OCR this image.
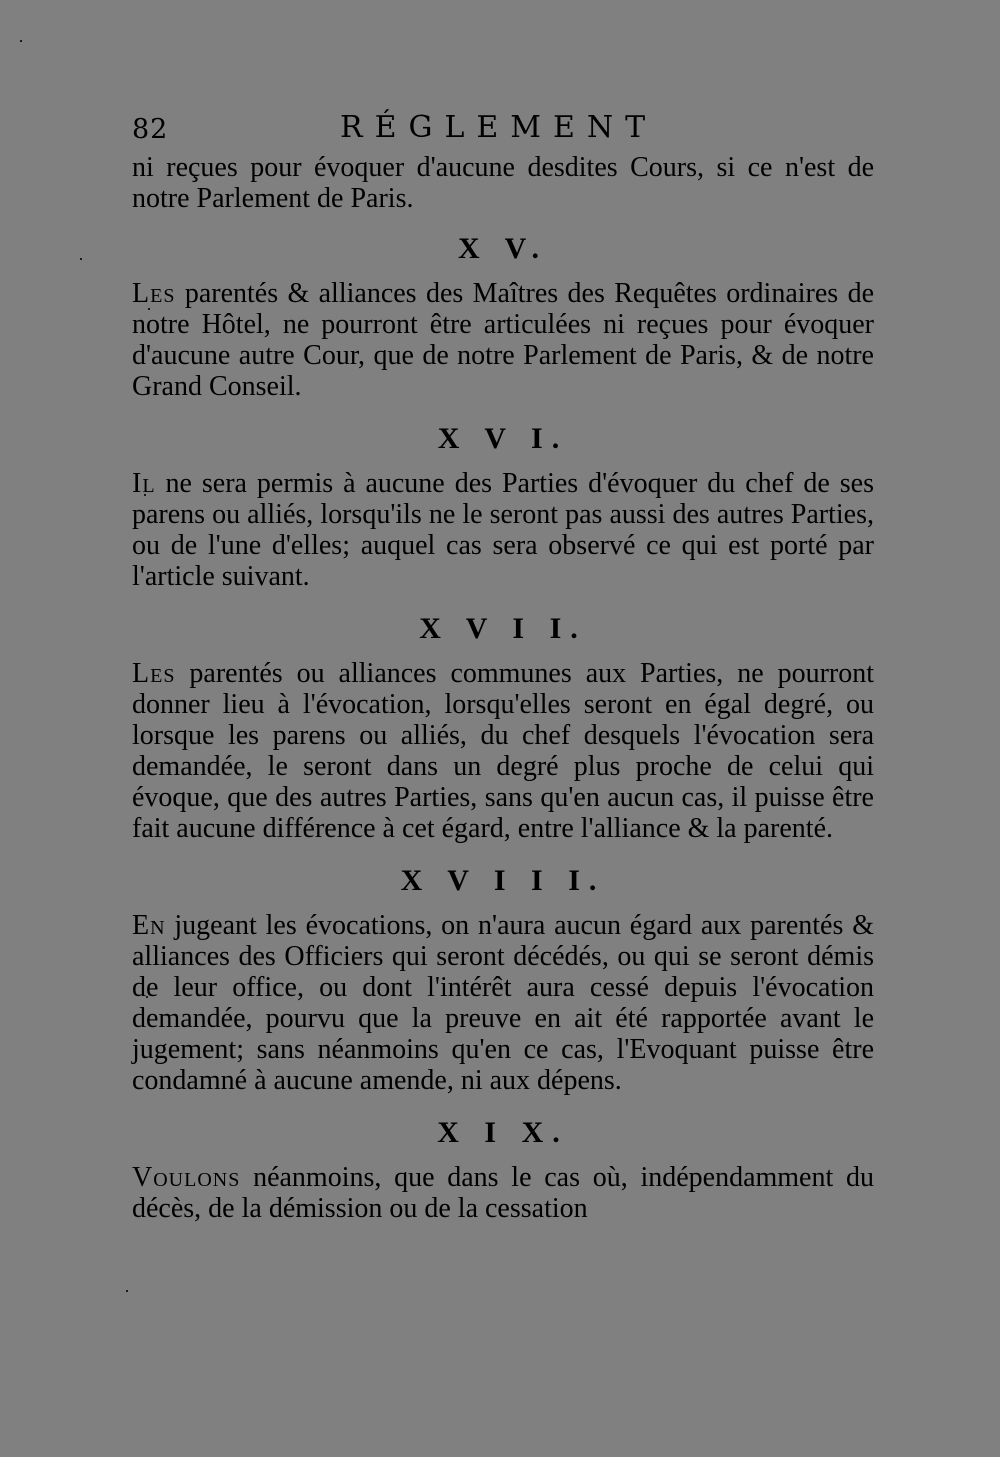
82	RÉGLEMENT

ni reçues pour évoquer d'aucune desdites Cours, si ce n'est de notre Parlement de Paris.

X V.

Les parentés & alliances des Maîtres des Requêtes ordinaires de notre Hôtel, ne pourront être articulées ni reçues pour évoquer d'aucune autre Cour, que de notre Parlement de Paris, & de notre Grand Conseil.

X V I.

Il ne sera permis à aucune des Parties d'évoquer du chef de ses parens ou alliés, lorsqu'ils ne le seront pas aussi des autres Parties, ou de l'une d'elles; auquel cas sera observé ce qui est porté par l'article suivant.

X V I I.

Les parentés ou alliances communes aux Parties, ne pourront donner lieu à l'évocation, lorsqu'elles seront en égal degré, ou lorsque les parens ou alliés, du chef desquels l'évocation sera demandée, le seront dans un degré plus proche de celui qui évoque, que des autres Parties, sans qu'en aucun cas, il puisse être fait aucune différence à cet égard, entre l'alliance & la parenté.

X V I I I.

En jugeant les évocations, on n'aura aucun égard aux parentés & alliances des Officiers qui seront décédés, ou qui se seront démis de leur office, ou dont l'intérêt aura cessé depuis l'évocation demandée, pourvu que la preuve en ait été rapportée avant le jugement; sans néanmoins qu'en ce cas, l'Evoquant puisse être condamné à aucune amende, ni aux dépens.

X I X.

Voulons néanmoins, que dans le cas où, indépendamment du décès, de la démission ou de la cessation
